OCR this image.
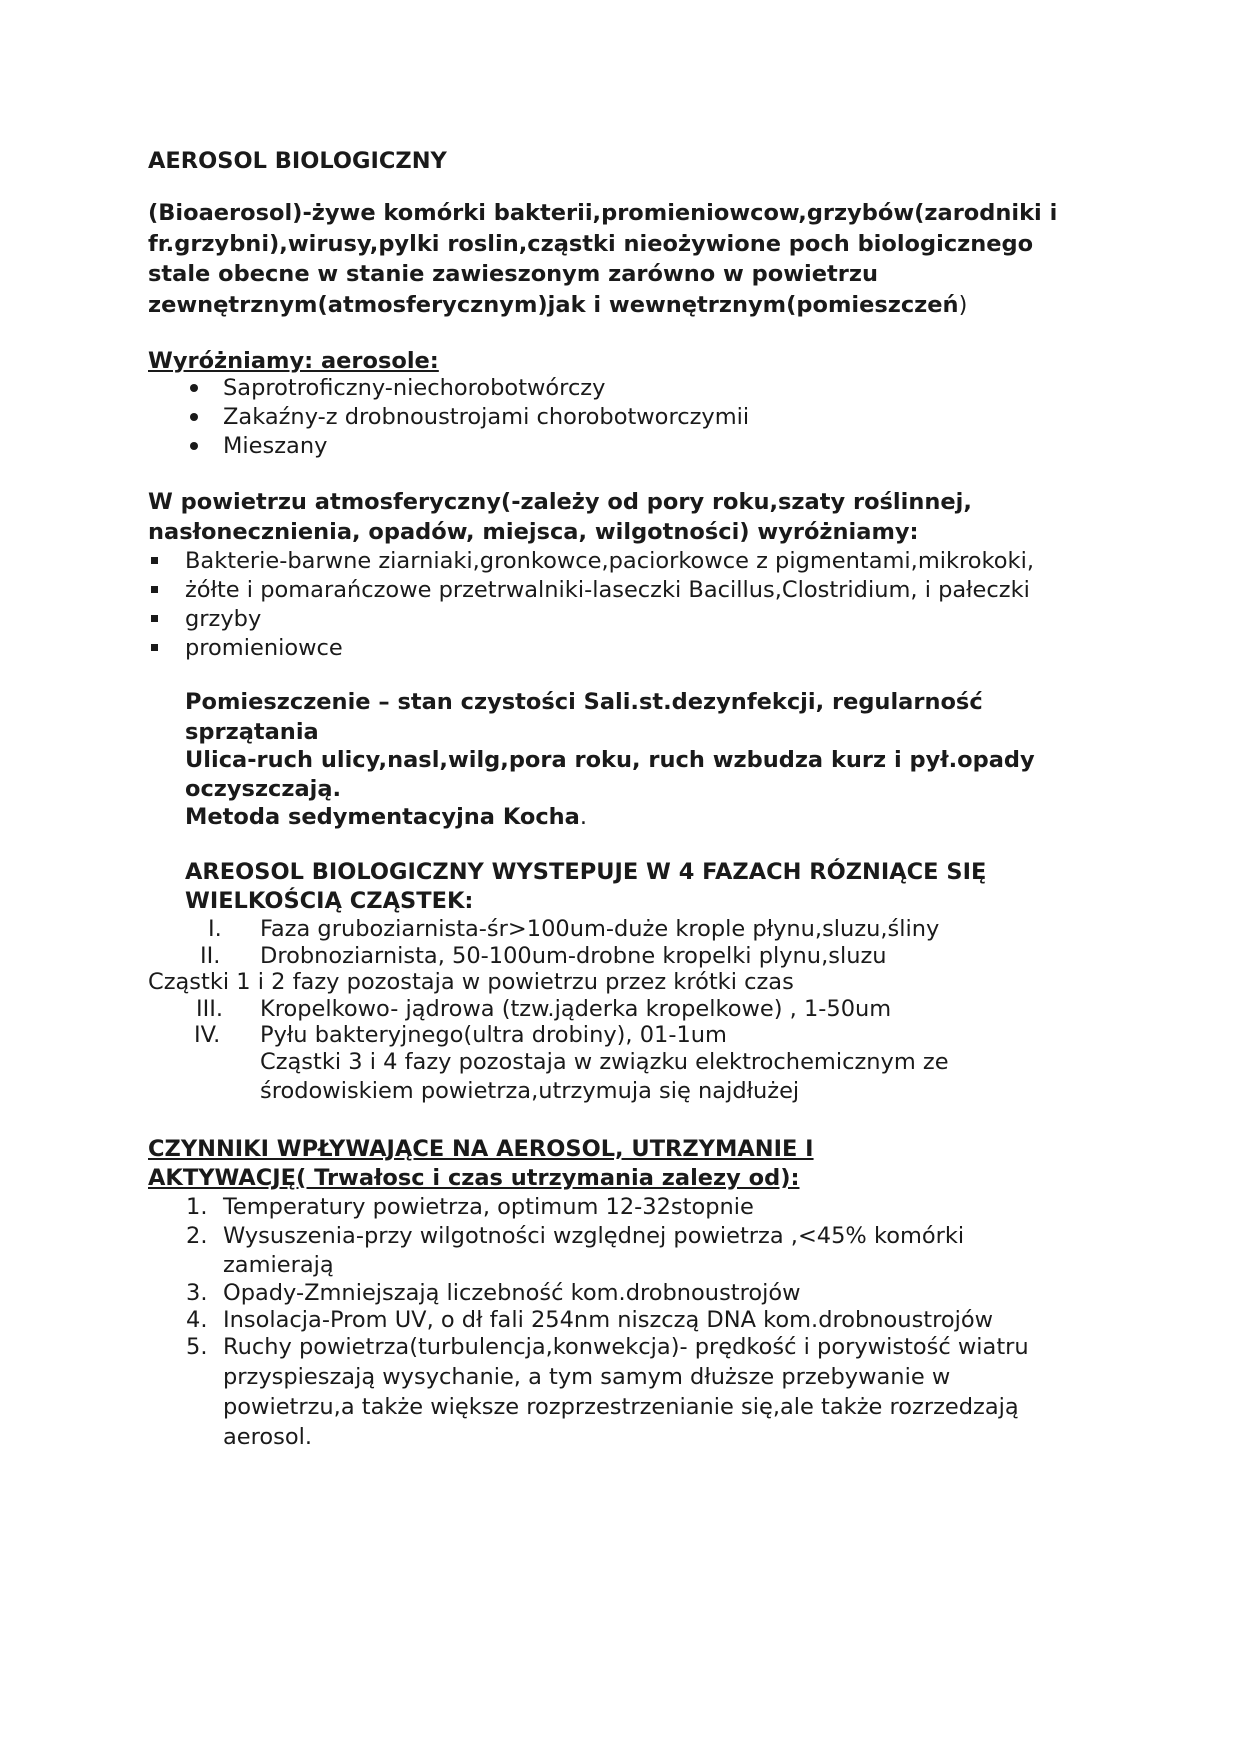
AEROSOL BIOLOGICZNY
(Bioaerosol)-żywe komórki bakterii,promieniowcow,grzybów(zarodniki i
fr.grzybni),wirusy,pylki roslin,cząstki nieożywione poch biologicznego
stale obecne w stanie zawieszonym zarówno w powietrzu
zewnętrznym(atmosferycznym)jak i wewnętrznym(pomieszczeń)
Wyróżniamy: aerosole:
Saprotroficzny-niechorobotwórczy
Zakaźny-z drobnoustrojami chorobotworczymii
Mieszany
W powietrzu atmosferyczny(-zależy od pory roku,szaty roślinnej,
nasłonecznienia, opadów, miejsca, wilgotności) wyróżniamy:
Bakterie-barwne ziarniaki,gronkowce,paciorkowce z pigmentami,mikrokoki,
żółte i pomarańczowe przetrwalniki-laseczki Bacillus,Clostridium, i pałeczki
grzyby
promieniowce
Pomieszczenie – stan czystości Sali.st.dezynfekcji, regularność
sprzątania
Ulica-ruch ulicy,nasl,wilg,pora roku, ruch wzbudza kurz i pył.opady
oczyszczają.
Metoda sedymentacyjna Kocha.
AREOSOL BIOLOGICZNY WYSTEPUJE W 4 FAZACH RÓZNIĄCE SIĘ
WIELKOŚCIĄ CZĄSTEK:
I. Faza gruboziarnista-śr>100um-duże krople płynu,sluzu,śliny
II. Drobnoziarnista, 50-100um-drobne kropelki plynu,sluzu
Cząstki 1 i 2 fazy pozostaja w powietrzu przez krótki czas
III. Kropelkowo- jądrowa (tzw.jąderka kropelkowe) , 1-50um
IV. Pyłu bakteryjnego(ultra drobiny), 01-1um
Cząstki 3 i 4 fazy pozostaja w związku elektrochemicznym ze
środowiskiem powietrza,utrzymuja się najdłużej
CZYNNIKI WPŁYWAJĄCE NA AEROSOL, UTRZYMANIE I
AKTYWACJĘ( Trwałosc i czas utrzymania zalezy od):
1. Temperatury powietrza, optimum 12-32stopnie
2. Wysuszenia-przy wilgotności względnej powietrza ,<45% komórki
zamierają
3. Opady-Zmniejszają liczebność kom.drobnoustrojów
4. Insolacja-Prom UV, o dł fali 254nm niszczą DNA kom.drobnoustrojów
5. Ruchy powietrza(turbulencja,konwekcja)- prędkość i porywistość wiatru
przyspieszają wysychanie, a tym samym dłuższe przebywanie w
powietrzu,a także większe rozprzestrzenianie się,ale także rozrzedzają
aerosol.
